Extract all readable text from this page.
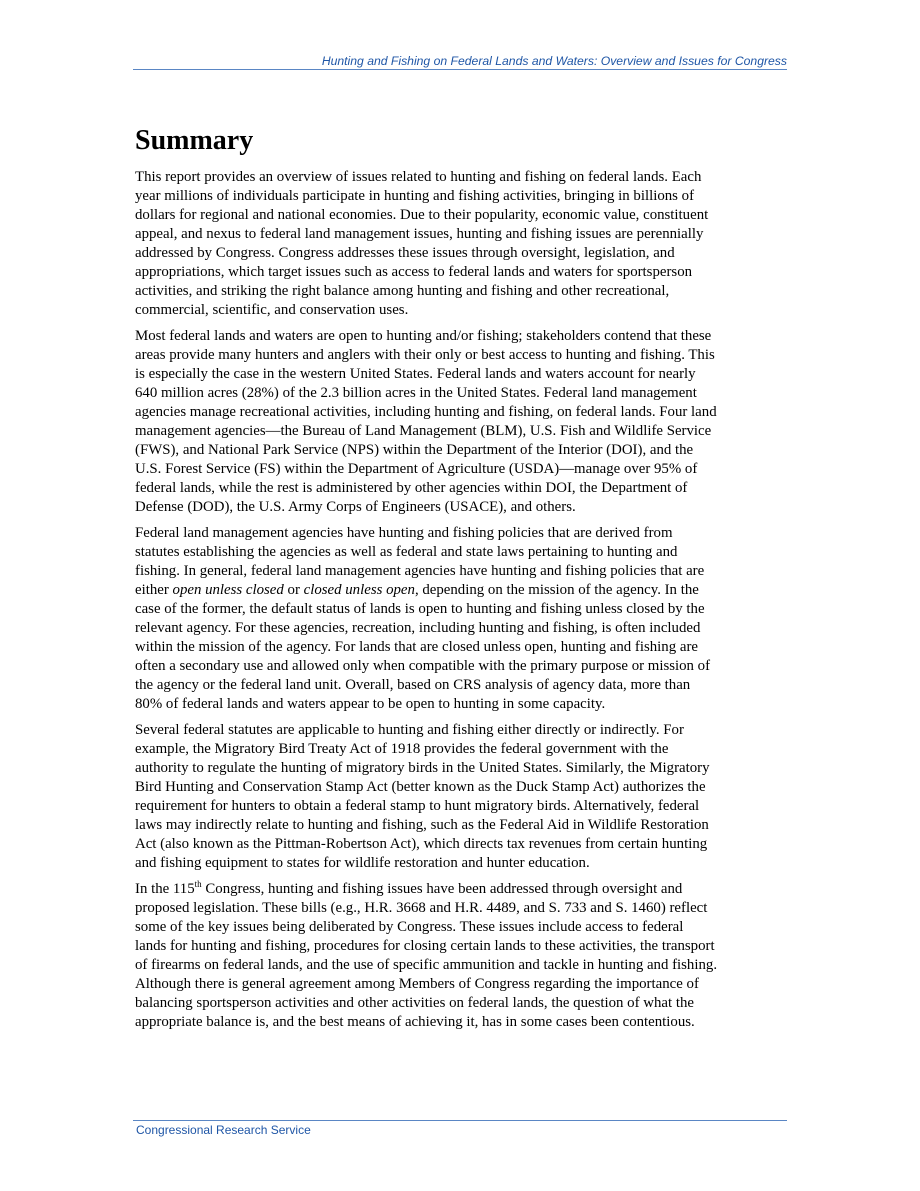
Hunting and Fishing on Federal Lands and Waters: Overview and Issues for Congress
Summary

This report provides an overview of issues related to hunting and fishing on federal lands. Each
year millions of individuals participate in hunting and fishing activities, bringing in billions of
dollars for regional and national economies. Due to their popularity, economic value, constituent
appeal, and nexus to federal land management issues, hunting and fishing issues are perennially
addressed by Congress. Congress addresses these issues through oversight, legislation, and
appropriations, which target issues such as access to federal lands and waters for sportsperson
activities, and striking the right balance among hunting and fishing and other recreational,
commercial, scientific, and conservation uses.

Most federal lands and waters are open to hunting and/or fishing; stakeholders contend that these
areas provide many hunters and anglers with their only or best access to hunting and fishing. This
is especially the case in the western United States. Federal lands and waters account for nearly
640 million acres (28%) of the 2.3 billion acres in the United States. Federal land management
agencies manage recreational activities, including hunting and fishing, on federal lands. Four land
management agencies—the Bureau of Land Management (BLM), U.S. Fish and Wildlife Service
(FWS), and National Park Service (NPS) within the Department of the Interior (DOI), and the
U.S. Forest Service (FS) within the Department of Agriculture (USDA)—manage over 95% of
federal lands, while the rest is administered by other agencies within DOI, the Department of
Defense (DOD), the U.S. Army Corps of Engineers (USACE), and others.

Federal land management agencies have hunting and fishing policies that are derived from
statutes establishing the agencies as well as federal and state laws pertaining to hunting and
fishing. In general, federal land management agencies have hunting and fishing policies that are
either open unless closed or closed unless open, depending on the mission of the agency. In the
case of the former, the default status of lands is open to hunting and fishing unless closed by the
relevant agency. For these agencies, recreation, including hunting and fishing, is often included
within the mission of the agency. For lands that are closed unless open, hunting and fishing are
often a secondary use and allowed only when compatible with the primary purpose or mission of
the agency or the federal land unit. Overall, based on CRS analysis of agency data, more than
80% of federal lands and waters appear to be open to hunting in some capacity.

Several federal statutes are applicable to hunting and fishing either directly or indirectly. For
example, the Migratory Bird Treaty Act of 1918 provides the federal government with the
authority to regulate the hunting of migratory birds in the United States. Similarly, the Migratory
Bird Hunting and Conservation Stamp Act (better known as the Duck Stamp Act) authorizes the
requirement for hunters to obtain a federal stamp to hunt migratory birds. Alternatively, federal
laws may indirectly relate to hunting and fishing, such as the Federal Aid in Wildlife Restoration
Act (also known as the Pittman-Robertson Act), which directs tax revenues from certain hunting
and fishing equipment to states for wildlife restoration and hunter education.

In the 115th Congress, hunting and fishing issues have been addressed through oversight and
proposed legislation. These bills (e.g., H.R. 3668 and H.R. 4489, and S. 733 and S. 1460) reflect
some of the key issues being deliberated by Congress. These issues include access to federal
lands for hunting and fishing, procedures for closing certain lands to these activities, the transport
of firearms on federal lands, and the use of specific ammunition and tackle in hunting and fishing.
Although there is general agreement among Members of Congress regarding the importance of
balancing sportsperson activities and other activities on federal lands, the question of what the
appropriate balance is, and the best means of achieving it, has in some cases been contentious.

Congressional Research Service
